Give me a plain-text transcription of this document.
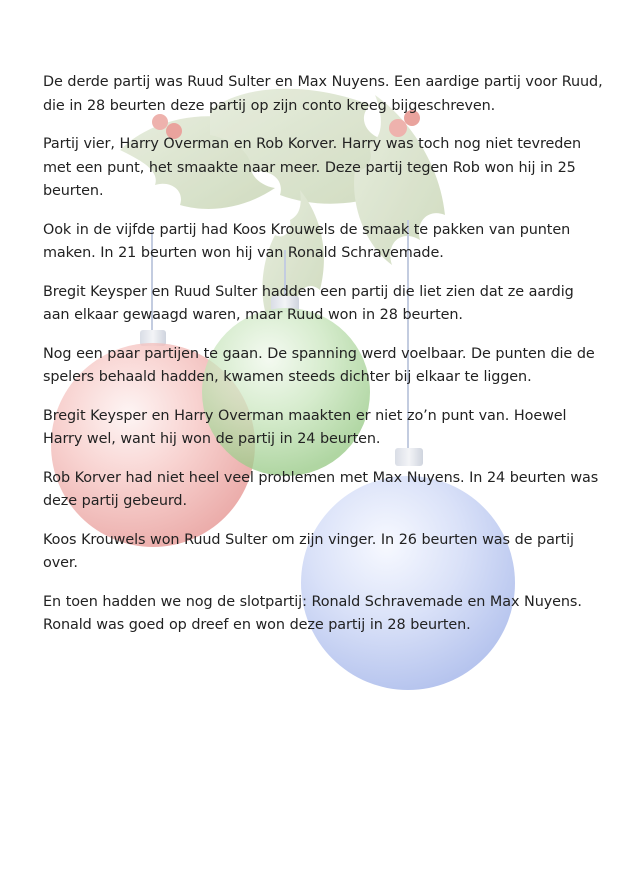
De derde partij was Ruud Sulter en Max Nuyens. Een aardige partij voor Ruud, die in 28 beurten deze partij op zijn conto kreeg bijgeschreven.

Partij vier, Harry Overman en Rob Korver. Harry was toch nog niet tevreden met een punt, het smaakte naar meer. Deze partij tegen Rob won hij in 25 beurten.

Ook in de vijfde partij had Koos Krouwels de smaak te pakken van punten maken. In 21 beurten won hij van Ronald Schravemade.

Bregit Keysper en Ruud Sulter hadden een partij die liet zien dat ze aardig aan elkaar gewaagd waren, maar Ruud won in 28 beurten.

Nog een paar partijen te gaan. De spanning werd voelbaar. De punten die de spelers behaald hadden, kwamen steeds dichter bij elkaar te liggen.

Bregit Keysper en Harry Overman maakten er niet zo’n punt van. Hoewel Harry wel, want hij won de partij in 24 beurten.

Rob Korver had niet heel veel problemen met Max Nuyens. In 24 beurten was deze partij gebeurd.

Koos Krouwels won Ruud Sulter om zijn vinger. In 26 beurten was de partij over.

En toen hadden we nog de slotpartij: Ronald Schravemade en Max Nuyens. Ronald was goed op dreef en won deze partij in 28 beurten.
